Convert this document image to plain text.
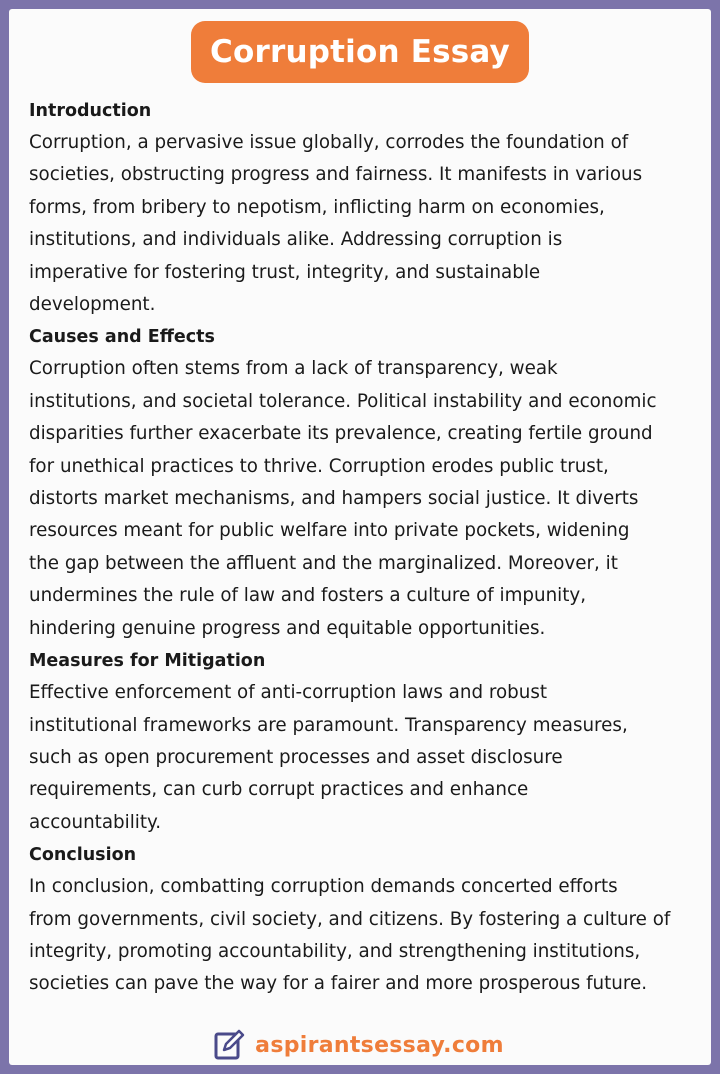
Corruption Essay

Introduction

Corruption, a pervasive issue globally, corrodes the foundation of
societies, obstructing progress and fairness. It manifests in various
forms, from bribery to nepotism, inflicting harm on economies,
institutions, and individuals alike. Addressing corruption is
imperative for fostering trust, integrity, and sustainable
development.

Causes and Effects

Corruption often stems from a lack of transparency, weak
institutions, and societal tolerance. Political instability and economic
disparities further exacerbate its prevalence, creating fertile ground
for unethical practices to thrive. Corruption erodes public trust,
distorts market mechanisms, and hampers social justice. It diverts
resources meant for public welfare into private pockets, widening
the gap between the affluent and the marginalized. Moreover, it
undermines the rule of law and fosters a culture of impunity,
hindering genuine progress and equitable opportunities.

Measures for Mitigation

Effective enforcement of anti-corruption laws and robust
institutional frameworks are paramount. Transparency measures,
such as open procurement processes and asset disclosure
requirements, can curb corrupt practices and enhance
accountability.

Conclusion

In conclusion, combatting corruption demands concerted efforts
from governments, civil society, and citizens. By fostering a culture of
integrity, promoting accountability, and strengthening institutions,
societies can pave the way for a fairer and more prosperous future.

aspirantsessay.com
